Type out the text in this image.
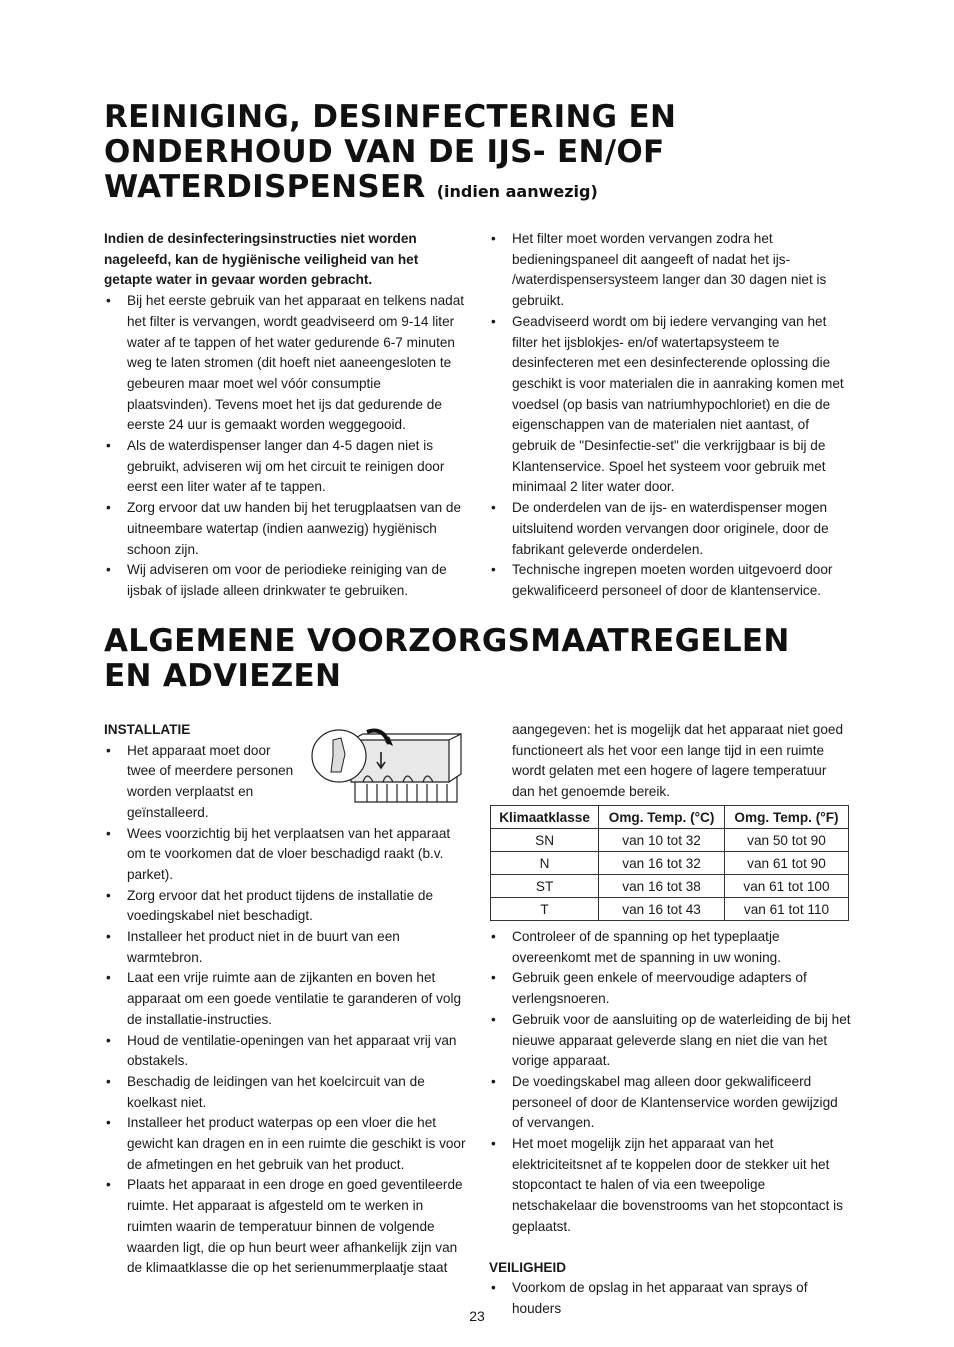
REINIGING, DESINFECTERING EN
ONDERHOUD VAN DE IJS- EN/OF
WATERDISPENSER (indien aanwezig)

Indien de desinfecteringsinstructies niet worden nageleefd, kan de hygiënische veiligheid van het getapte water in gevaar worden gebracht.

• Bij het eerste gebruik van het apparaat en telkens nadat het filter is vervangen, wordt geadviseerd om 9-14 liter water af te tappen of het water gedurende 6-7 minuten weg te laten stromen (dit hoeft niet aaneengesloten te gebeuren maar moet wel vóór consumptie plaatsvinden). Tevens moet het ijs dat gedurende de eerste 24 uur is gemaakt worden weggegooid.
• Als de waterdispenser langer dan 4-5 dagen niet is gebruikt, adviseren wij om het circuit te reinigen door eerst een liter water af te tappen.
• Zorg ervoor dat uw handen bij het terugplaatsen van de uitneembare watertap (indien aanwezig) hygiënisch schoon zijn.
• Wij adviseren om voor de periodieke reiniging van de ijsbak of ijslade alleen drinkwater te gebruiken.
• Het filter moet worden vervangen zodra het bedieningspaneel dit aangeeft of nadat het ijs- /waterdispensersysteem langer dan 30 dagen niet is gebruikt.
• Geadviseerd wordt om bij iedere vervanging van het filter het ijsblokjes- en/of watertapsysteem te desinfecteren met een desinfecterende oplossing die geschikt is voor materialen die in aanraking komen met voedsel (op basis van natriumhypochloriet) en die de eigenschappen van de materialen niet aantast, of gebruik de "Desinfectie-set" die verkrijgbaar is bij de Klantenservice. Spoel het systeem voor gebruik met minimaal 2 liter water door.
• De onderdelen van de ijs- en waterdispenser mogen uitsluitend worden vervangen door originele, door de fabrikant geleverde onderdelen.
• Technische ingrepen moeten worden uitgevoerd door gekwalificeerd personeel of door de klantenservice.
ALGEMENE VOORZORGSMAATREGELEN
EN ADVIEZEN

INSTALLATIE

• Het apparaat moet door twee of meerdere personen worden verplaatst en geïnstalleerd.
• Wees voorzichtig bij het verplaatsen van het apparaat om te voorkomen dat de vloer beschadigd raakt (b.v. parket).
• Zorg ervoor dat het product tijdens de installatie de voedingskabel niet beschadigt.
• Installeer het product niet in de buurt van een warmtebron.
• Laat een vrije ruimte aan de zijkanten en boven het apparaat om een goede ventilatie te garanderen of volg de installatie-instructies.
• Houd de ventilatie-openingen van het apparaat vrij van obstakels.
• Beschadig de leidingen van het koelcircuit van de koelkast niet.
• Installeer het product waterpas op een vloer die het gewicht kan dragen en in een ruimte die geschikt is voor de afmetingen en het gebruik van het product.
• Plaats het apparaat in een droge en goed geventileerde ruimte. Het apparaat is afgesteld om te werken in ruimten waarin de temperatuur binnen de volgende waarden ligt, die op hun beurt weer afhankelijk zijn van de klimaatklasse die op het serienummerplaatje staat

aangegeven: het is mogelijk dat het apparaat niet goed functioneert als het voor een lange tijd in een ruimte wordt gelaten met een hogere of lagere temperatuur dan het genoemde bereik.

Klimaatklasse	Omg. Temp. (°C)	Omg. Temp. (°F)
SN	van 10 tot 32	van 50 tot 90
N	van 16 tot 32	van 61 tot 90
ST	van 16 tot 38	van 61 tot 100
T	van 16 tot 43	van 61 tot 110
• Controleer of de spanning op het typeplaatje overeenkomt met de spanning in uw woning.
• Gebruik geen enkele of meervoudige adapters of verlengsnoeren.
• Gebruik voor de aansluiting op de waterleiding de bij het nieuwe apparaat geleverde slang en niet die van het vorige apparaat.
• De voedingskabel mag alleen door gekwalificeerd personeel of door de Klantenservice worden gewijzigd of vervangen.
• Het moet mogelijk zijn het apparaat van het elektriciteitsnet af te koppelen door de stekker uit het stopcontact te halen of via een tweepolige netschakelaar die bovenstrooms van het stopcontact is geplaatst.

VEILIGHEID

• Voorkom de opslag in het apparaat van sprays of houders
23
